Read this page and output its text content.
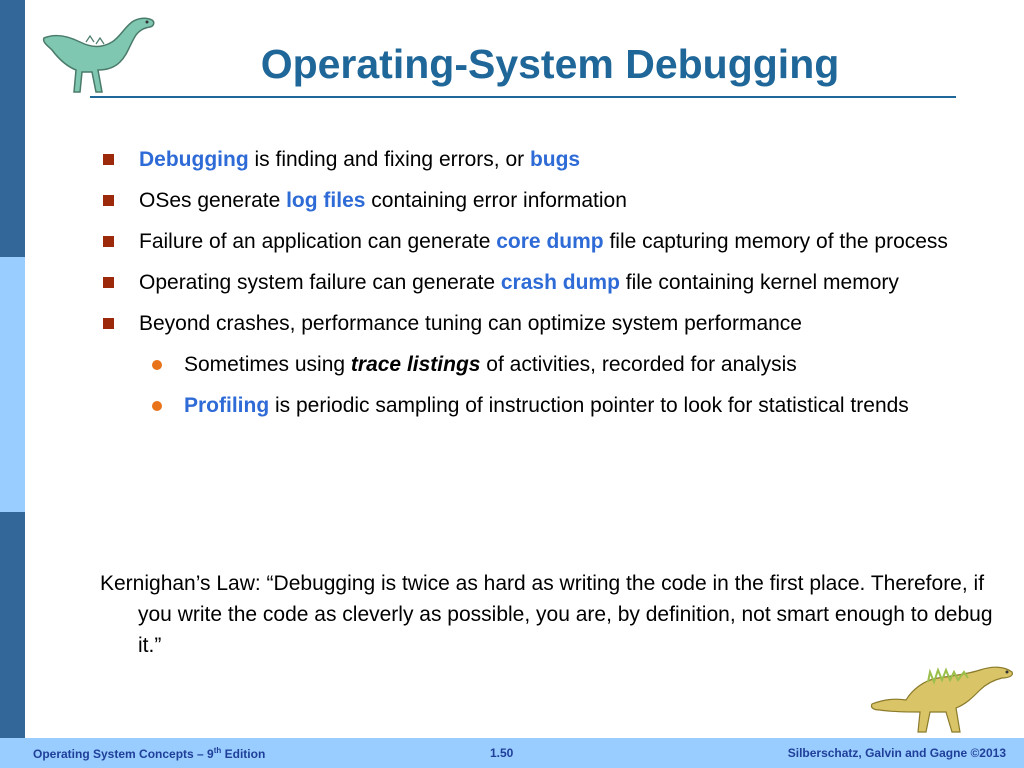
Operating-System Debugging
Debugging is finding and fixing errors, or bugs
OSes generate log files containing error information
Failure of an application can generate core dump file capturing memory of the process
Operating system failure can generate crash dump file containing kernel memory
Beyond crashes, performance tuning can optimize system performance
Sometimes using trace listings of activities, recorded for analysis
Profiling is periodic sampling of instruction pointer to look for statistical trends
Kernighan’s Law: “Debugging is twice as hard as writing the code in the first place. Therefore, if you write the code as cleverly as possible, you are, by definition, not smart enough to debug it.”
Operating System Concepts – 9th Edition	1.50	Silberschatz, Galvin and Gagne ©2013
